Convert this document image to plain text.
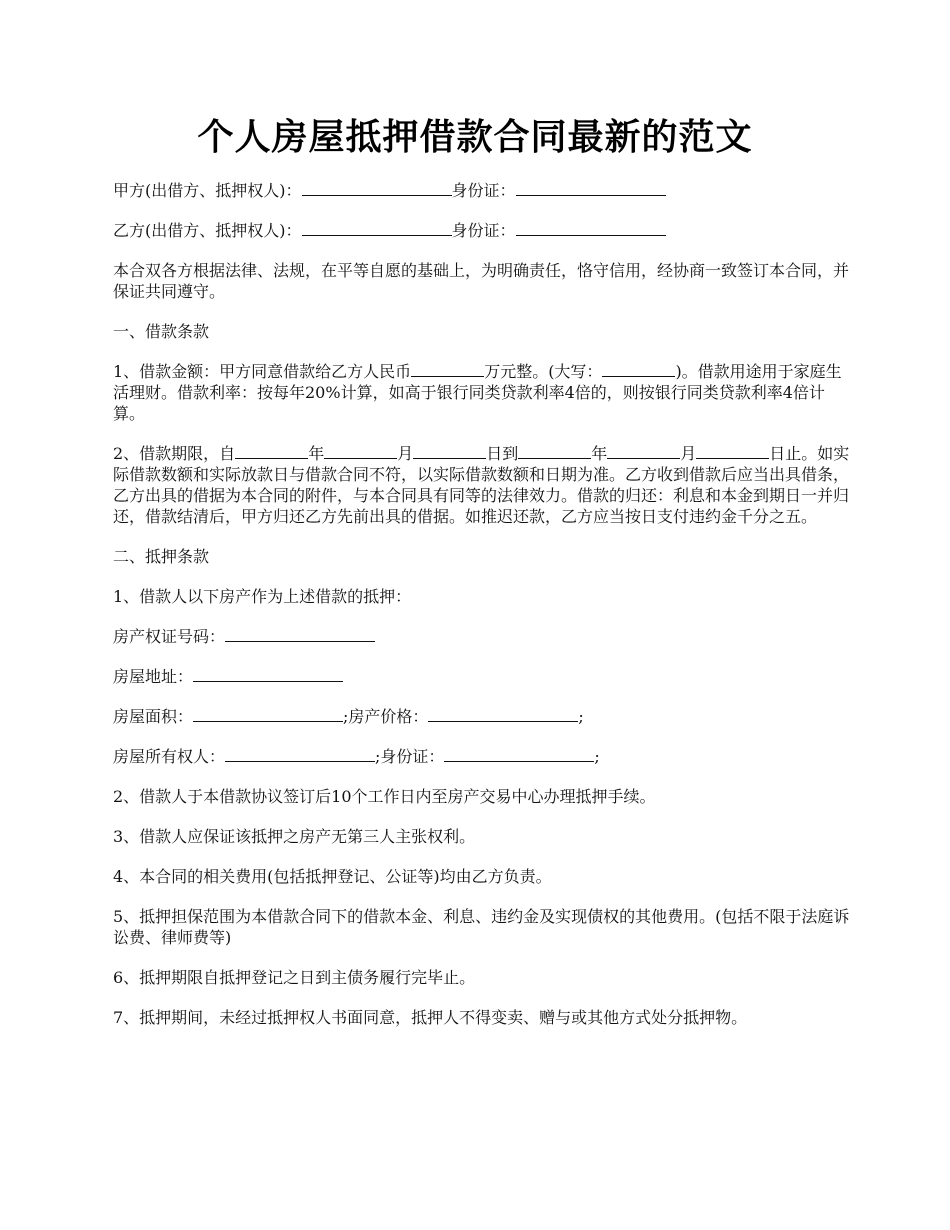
个人房屋抵押借款合同最新的范文

甲方(出借方、抵押权人)：	身份证：

乙方(出借方、抵押权人)：	身份证：

本合双各方根据法律、法规，在平等自愿的基础上，为明确责任，恪守信用，经协商一致签订本合同，并保证共同遵守。

一、借款条款

1、借款金额：甲方同意借款给乙方人民币	万元整。(大写：	)。借款用途用于家庭生活理财。借款利率：按每年20%计算，如高于银行同类贷款利率4倍的，则按银行同类贷款利率4倍计算。

2、借款期限，自	年	月	日到	年	月	日止。如实际借款数额和实际放款日与借款合同不符，以实际借款数额和日期为准。乙方收到借款后应当出具借条，乙方出具的借据为本合同的附件，与本合同具有同等的法律效力。借款的归还：利息和本金到期日一并归还，借款结清后，甲方归还乙方先前出具的借据。如推迟还款，乙方应当按日支付违约金千分之五。

二、抵押条款

1、借款人以下房产作为上述借款的抵押：

房产权证号码：

房屋地址：

房屋面积：	;房产价格：	;

房屋所有权人：	;身份证：	;

2、借款人于本借款协议签订后10个工作日内至房产交易中心办理抵押手续。

3、借款人应保证该抵押之房产无第三人主张权利。

4、本合同的相关费用(包括抵押登记、公证等)均由乙方负责。

5、抵押担保范围为本借款合同下的借款本金、利息、违约金及实现债权的其他费用。(包括不限于法庭诉讼费、律师费等)

6、抵押期限自抵押登记之日到主债务履行完毕止。

7、抵押期间，未经过抵押权人书面同意，抵押人不得变卖、赠与或其他方式处分抵押物。
